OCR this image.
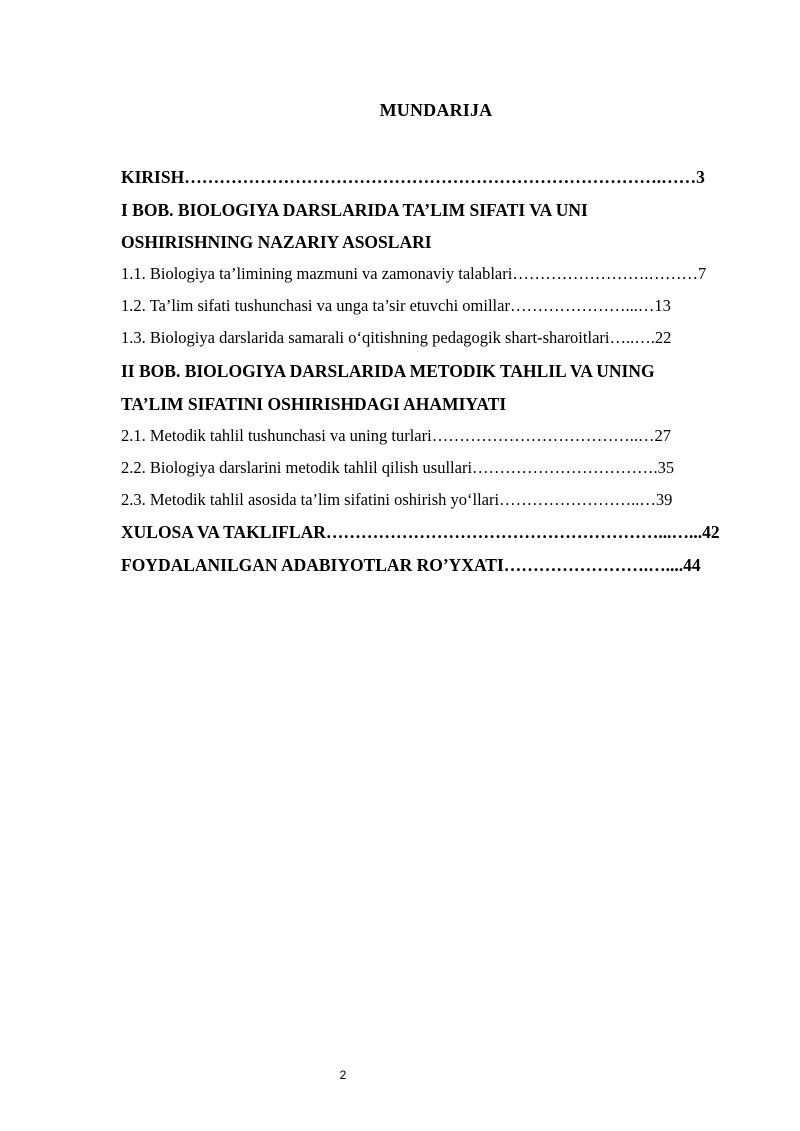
MUNDARIJA
KIRISH……………………………………………………………………….……3
I BOB. BIOLOGIYA DARSLARIDA TA’LIM SIFATI VA UNI
OSHIRISHNING NAZARIY ASOSLARI
1.1. Biologiya ta’limining mazmuni va zamonaviy talablari…………………….………7
1.2. Ta’lim sifati tushunchasi va unga ta’sir etuvchi omillar…………………...…13
1.3. Biologiya darslarida samarali o‘qitishning pedagogik shart-sharoitlari…..….22
II BOB. BIOLOGIYA DARSLARIDA METODIK TAHLIL VA UNING
TA’LIM SIFATINI OSHIRISHDAGI AHAMIYATI
2.1. Metodik tahlil tushunchasi va uning turlari………………………………..…27
2.2. Biologiya darslarini metodik tahlil qilish usullari…………………………….35
2.3. Metodik tahlil asosida ta’lim sifatini oshirish yo‘llari……………………..…39
XULOSA VA TAKLIFLAR…………………………………………………...…...42
FOYDALANILGAN ADABIYOTLAR RO’YXATI…………………….…....44
2
